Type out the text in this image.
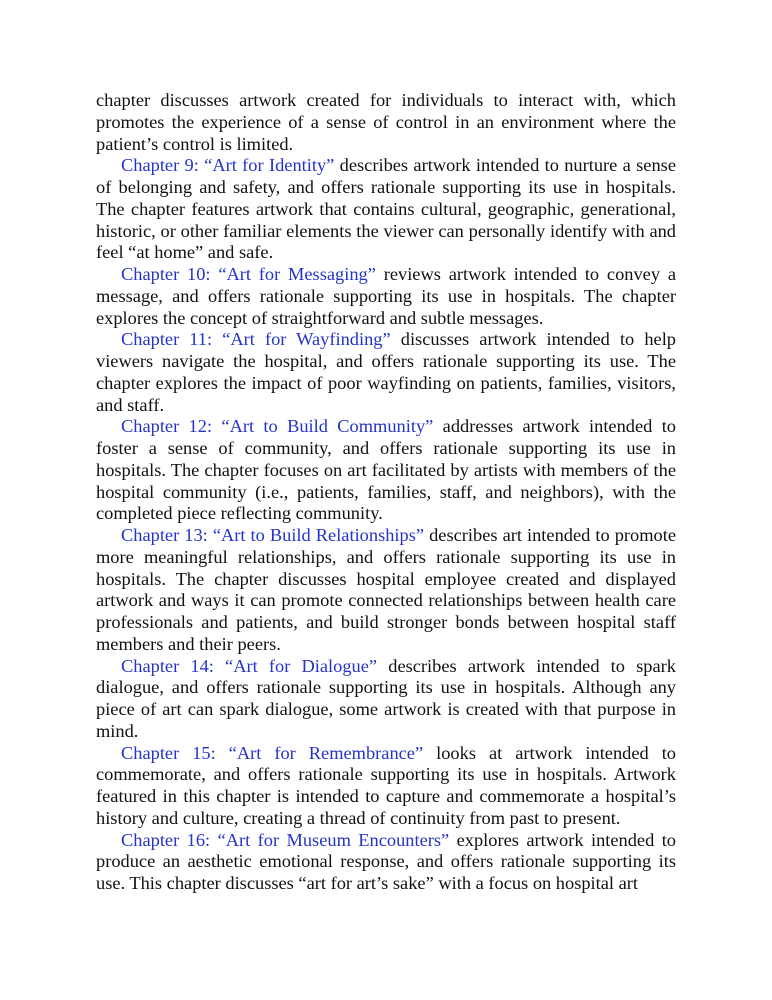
chapter discusses artwork created for individuals to interact with, which promotes the experience of a sense of control in an environment where the patient’s control is limited.

Chapter 9: “Art for Identity” describes artwork intended to nurture a sense of belonging and safety, and offers rationale supporting its use in hospitals. The chapter features artwork that contains cultural, geographic, generational, historic, or other familiar elements the viewer can personally identify with and feel “at home” and safe.

Chapter 10: “Art for Messaging” reviews artwork intended to convey a message, and offers rationale supporting its use in hospitals. The chapter explores the concept of straightforward and subtle messages.

Chapter 11: “Art for Wayfinding” discusses artwork intended to help viewers navigate the hospital, and offers rationale supporting its use. The chapter explores the impact of poor wayfinding on patients, families, visitors, and staff.

Chapter 12: “Art to Build Community” addresses artwork intended to foster a sense of community, and offers rationale supporting its use in hospitals. The chapter focuses on art facilitated by artists with members of the hospital community (i.e., patients, families, staff, and neighbors), with the completed piece reflecting community.

Chapter 13: “Art to Build Relationships” describes art intended to promote more meaningful relationships, and offers rationale supporting its use in hospitals. The chapter discusses hospital employee created and displayed artwork and ways it can promote connected relationships between health care professionals and patients, and build stronger bonds between hospital staff members and their peers.

Chapter 14: “Art for Dialogue” describes artwork intended to spark dialogue, and offers rationale supporting its use in hospitals. Although any piece of art can spark dialogue, some artwork is created with that purpose in mind.

Chapter 15: “Art for Remembrance” looks at artwork intended to commemorate, and offers rationale supporting its use in hospitals. Artwork featured in this chapter is intended to capture and commemorate a hospital’s history and culture, creating a thread of continuity from past to present.

Chapter 16: “Art for Museum Encounters” explores artwork intended to produce an aesthetic emotional response, and offers rationale supporting its use. This chapter discusses “art for art’s sake” with a focus on hospital art
